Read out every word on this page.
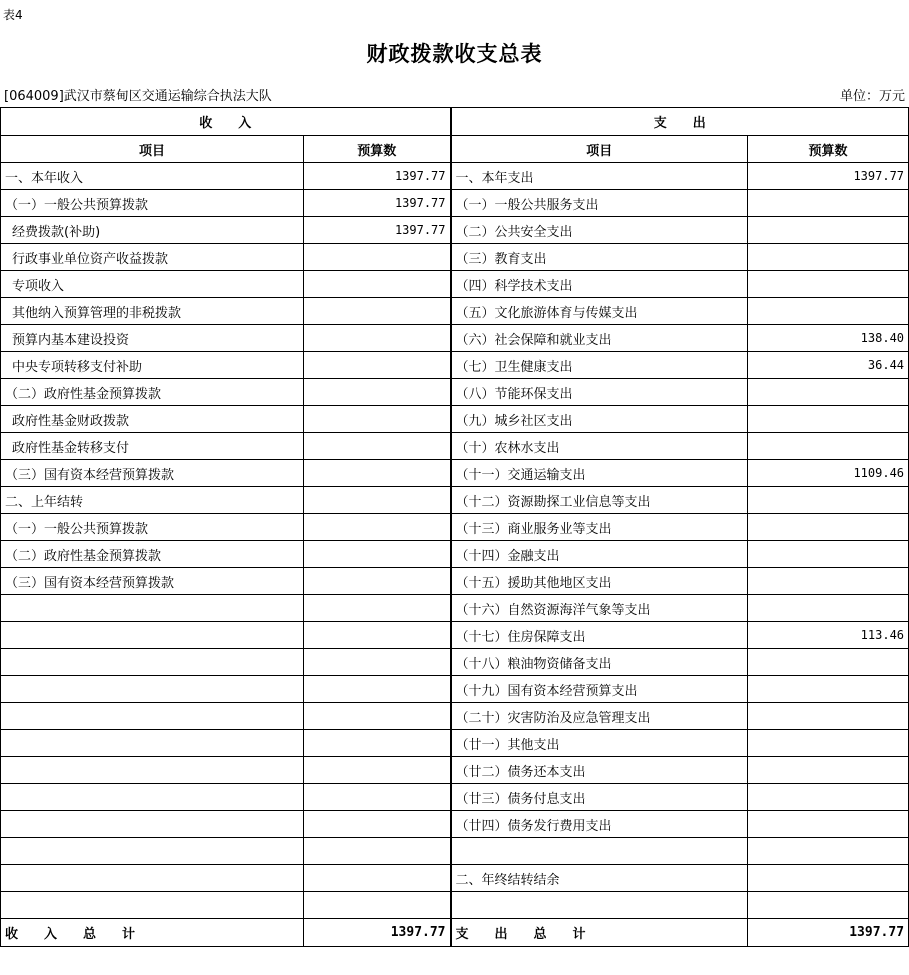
表4
财政拨款收支总表
[064009]武汉市蔡甸区交通运输综合执法大队	单位：万元
收　　入		支　　出	
项目	预算数	项目	预算数
一、本年收入	1397.77	一、本年支出	1397.77
（一）一般公共预算拨款	1397.77	（一）一般公共服务支出	
经费拨款(补助)	1397.77	（二）公共安全支出	
行政事业单位资产收益拨款		（三）教育支出	
专项收入		（四）科学技术支出	
其他纳入预算管理的非税拨款		（五）文化旅游体育与传媒支出	
预算内基本建设投资		（六）社会保障和就业支出	138.40
中央专项转移支付补助		（七）卫生健康支出	36.44
（二）政府性基金预算拨款		（八）节能环保支出	
政府性基金财政拨款		（九）城乡社区支出	
政府性基金转移支付		（十）农林水支出	
（三）国有资本经营预算拨款		（十一）交通运输支出	1109.46
二、上年结转		（十二）资源勘探工业信息等支出	
（一）一般公共预算拨款		（十三）商业服务业等支出	
（二）政府性基金预算拨款		（十四）金融支出	
（三）国有资本经营预算拨款		（十五）援助其他地区支出	
		（十六）自然资源海洋气象等支出	
		（十七）住房保障支出	113.46
		（十八）粮油物资储备支出	
		（十九）国有资本经营预算支出	
		（二十）灾害防治及应急管理支出	
		（廿一）其他支出	
		（廿二）债务还本支出	
		（廿三）债务付息支出	
		（廿四）债务发行费用支出	

		二、年终结转结余	

收　　入　　总　　计	1397.77	支　　出　　总　　计	1397.77
